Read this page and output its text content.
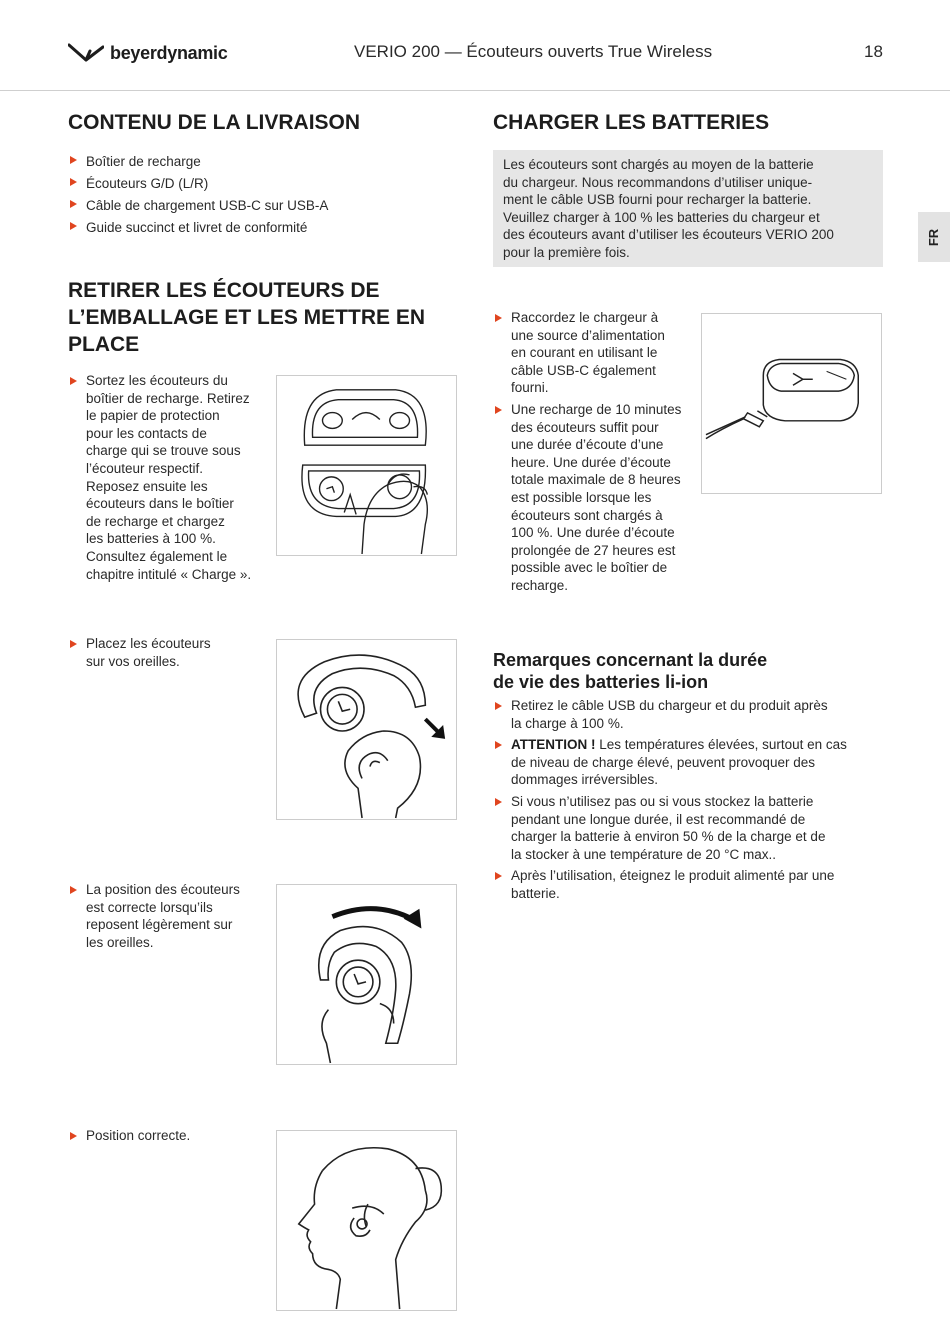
beyerdynamic	VERIO 200 — Écouteurs ouverts True Wireless	18
FR
CONTENU DE LA LIVRAISON
Boîtier de recharge
Écouteurs G/D (L/R)
Câble de chargement USB-C sur USB-A
Guide succinct et livret de conformité
RETIRER LES ÉCOUTEURS DE
L’EMBALLAGE ET LES METTRE EN
PLACE
Sortez les écouteurs du
boîtier de recharge. Retirez
le papier de protection
pour les contacts de
charge qui se trouve sous
l’écouteur respectif.
Reposez ensuite les
écouteurs dans le boîtier
de recharge et chargez
les batteries à 100 %.
Consultez également le
chapitre intitulé « Charge ».
Placez les écouteurs
sur vos oreilles.
La position des écouteurs
est correcte lorsqu’ils
reposent légèrement sur
les oreilles.
Position correcte.
CHARGER LES BATTERIES
Les écouteurs sont chargés au moyen de la batterie
du chargeur. Nous recommandons d’utiliser unique-
ment le câble USB fourni pour recharger la batterie.
Veuillez charger à 100 % les batteries du chargeur et
des écouteurs avant d’utiliser les écouteurs VERIO 200
pour la première fois.
Raccordez le chargeur à
une source d’alimentation
en courant en utilisant le
câble USB-C également
fourni.
Une recharge de 10 minutes
des écouteurs suffit pour
une durée d’écoute d’une
heure. Une durée d’écoute
totale maximale de 8 heures
est possible lorsque les
écouteurs sont chargés à
100 %. Une durée d’écoute
prolongée de 27 heures est
possible avec le boîtier de
recharge.
Remarques concernant la durée
de vie des batteries li-ion
Retirez le câble USB du chargeur et du produit après
la charge à 100 %.
ATTENTION ! Les températures élevées, surtout en cas
de niveau de charge élevé, peuvent provoquer des
dommages irréversibles.
Si vous n’utilisez pas ou si vous stockez la batterie
pendant une longue durée, il est recommandé de
charger la batterie à environ 50 % de la charge et de
la stocker à une température de 20 °C max..
Après l’utilisation, éteignez le produit alimenté par une
batterie.
